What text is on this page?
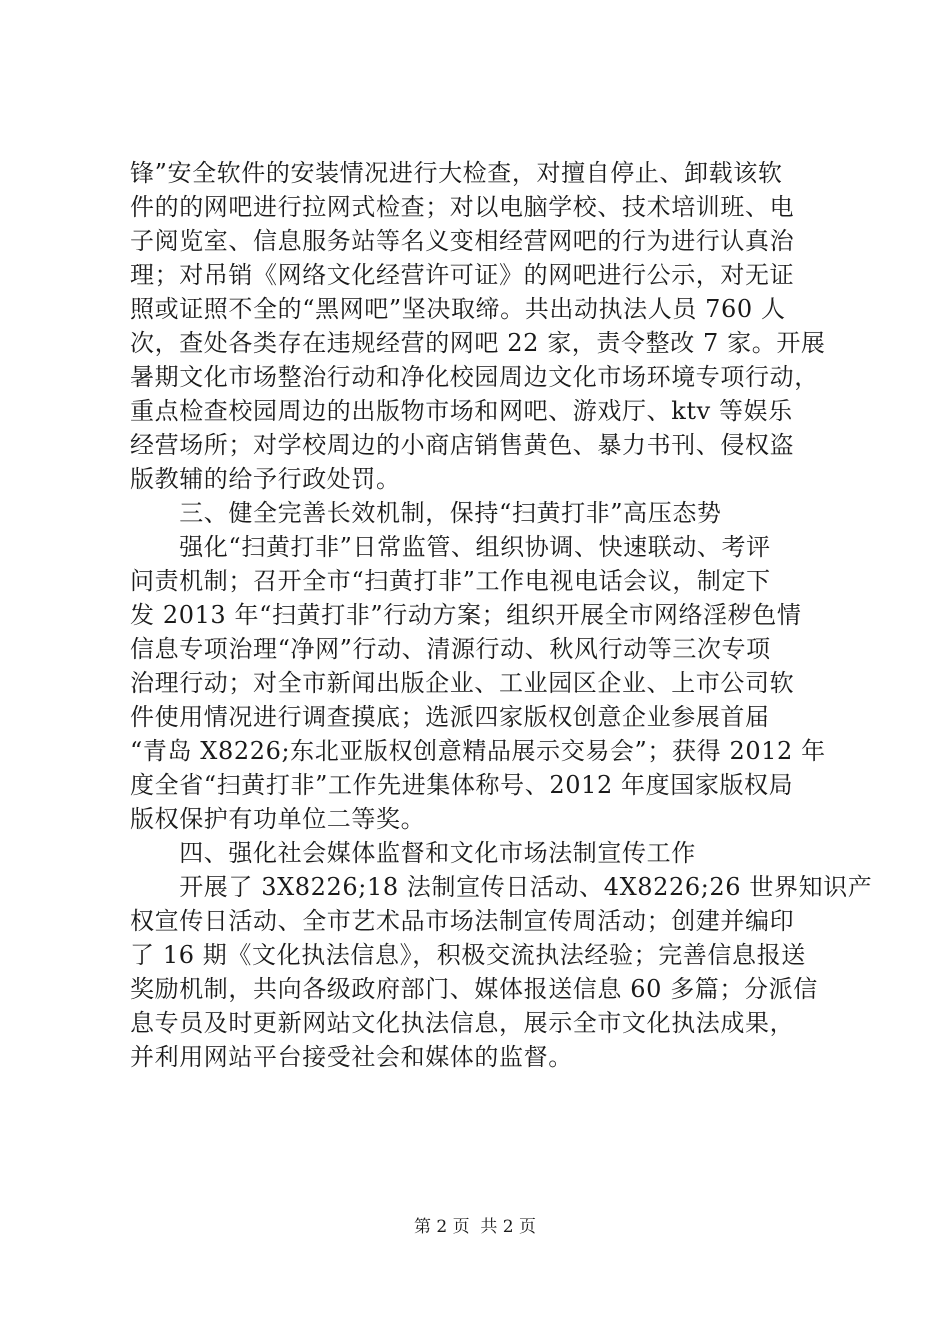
锋”安全软件的安装情况进行大检查，对擅自停止、卸载该软
件的的网吧进行拉网式检查；对以电脑学校、技术培训班、电
子阅览室、信息服务站等名义变相经营网吧的行为进行认真治
理；对吊销《网络文化经营许可证》的网吧进行公示，对无证
照或证照不全的“黑网吧”坚决取缔。共出动执法人员 760 人
次，查处各类存在违规经营的网吧 22 家，责令整改 7 家。开展
暑期文化市场整治行动和净化校园周边文化市场环境专项行动，
重点检查校园周边的出版物市场和网吧、游戏厅、ktv 等娱乐
经营场所；对学校周边的小商店销售黄色、暴力书刊、侵权盗
版教辅的给予行政处罚。
　　三、健全完善长效机制，保持“扫黄打非”高压态势
　　强化“扫黄打非”日常监管、组织协调、快速联动、考评
问责机制；召开全市“扫黄打非”工作电视电话会议，制定下
发 2013 年“扫黄打非”行动方案；组织开展全市网络淫秽色情
信息专项治理“净网”行动、清源行动、秋风行动等三次专项
治理行动；对全市新闻出版企业、工业园区企业、上市公司软
件使用情况进行调查摸底；选派四家版权创意企业参展首届
“青岛 X8226;东北亚版权创意精品展示交易会”；获得 2012 年
度全省“扫黄打非”工作先进集体称号、2012 年度国家版权局
版权保护有功单位二等奖。
　　四、强化社会媒体监督和文化市场法制宣传工作
　　开展了 3X8226;18 法制宣传日活动、4X8226;26 世界知识产
权宣传日活动、全市艺术品市场法制宣传周活动；创建并编印
了 16 期《文化执法信息》，积极交流执法经验；完善信息报送
奖励机制，共向各级政府部门、媒体报送信息 60 多篇；分派信
息专员及时更新网站文化执法信息，展示全市文化执法成果，
并利用网站平台接受社会和媒体的监督。
第 2 页  共 2 页
